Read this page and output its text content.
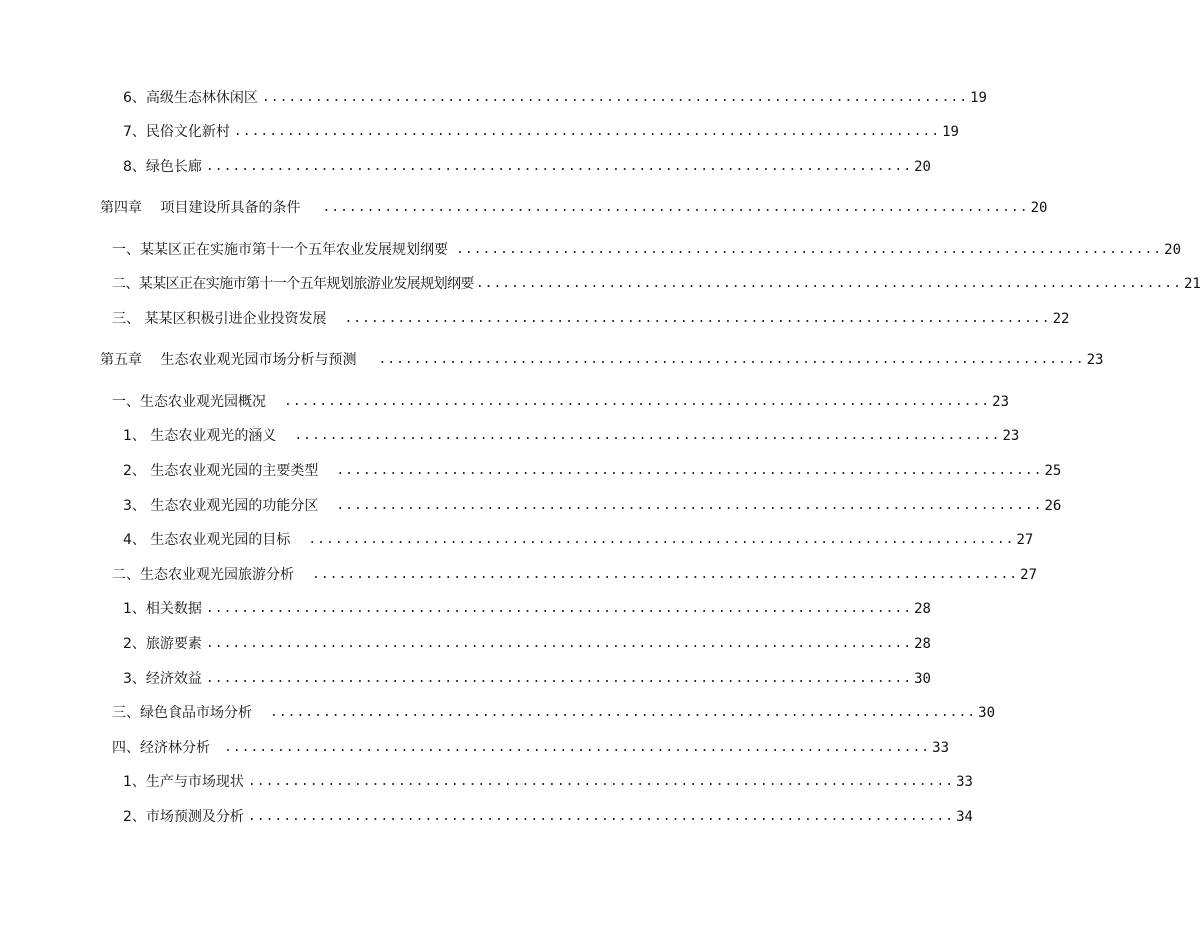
6、高级生态林休闲区 ................................................................................ 19
7、民俗文化新村 ................................................................................ 19
8、绿色长廊 ................................................................................ 20
第四章　 项目建设所具备的条件	................................................................................ 20
一、某某区正在实施市第十一个五年农业发展规划纲要 ................................................................................ 20
二、某某区正在实施市第十一个五年规划旅游业发展规划纲要 ................................................................................ 21
三、 某某区积极引进企业投资发展	................................................................................ 22
第五章　 生态农业观光园市场分析与预测	................................................................................ 23
一、生态农业观光园概况	................................................................................ 23
1、 生态农业观光的涵义	................................................................................ 23
2、 生态农业观光园的主要类型	................................................................................ 25
3、 生态农业观光园的功能分区	................................................................................ 26
4、 生态农业观光园的目标	................................................................................ 27
二、生态农业观光园旅游分析	................................................................................ 27
1、相关数据 ................................................................................ 28
2、旅游要素 ................................................................................ 28
3、经济效益 ................................................................................ 30
三、绿色食品市场分析	................................................................................ 30
四、经济林分析	................................................................................ 33
1、生产与市场现状 ................................................................................ 33
2、市场预测及分析 ................................................................................ 34
